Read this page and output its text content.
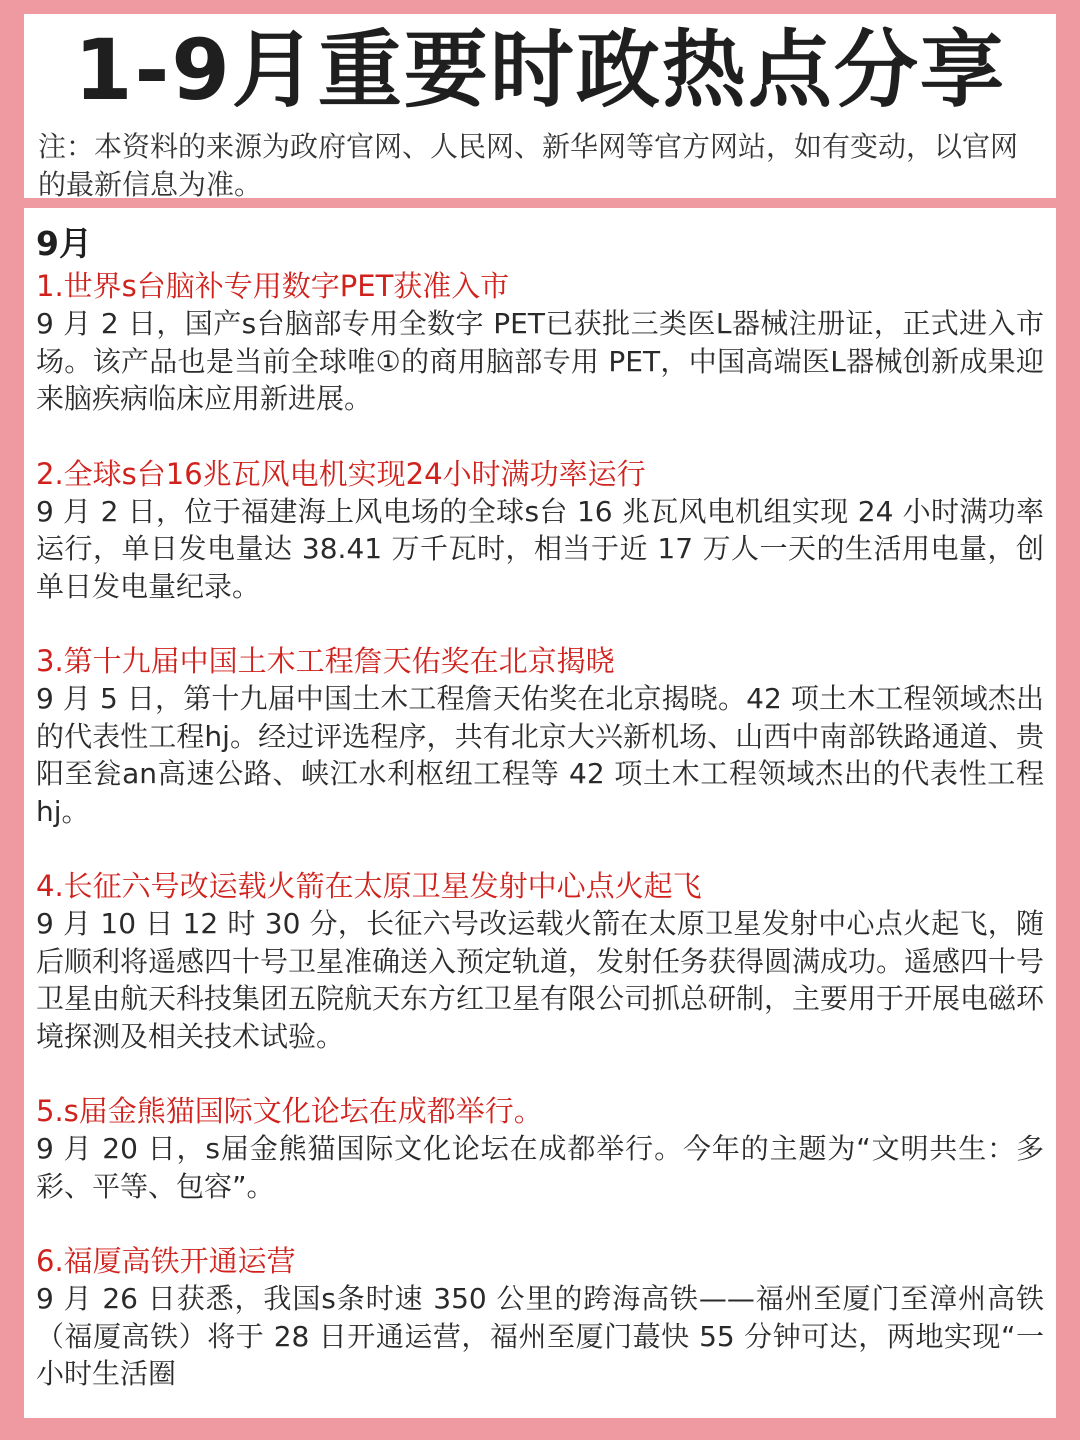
1-9月重要时政热点分享

注：本资料的来源为政府官网、人民网、新华网等官方网站，如有变动，以官网的最新信息为准。

9月
1.世界s台脑补专用数字PET获准入市
9 月 2 日，国产s台脑部专用全数字 PET已获批三类医L器械注册证，正式进入市场。该产品也是当前全球唯①的商用脑部专用 PET，中国高端医L器械创新成果迎来脑疾病临床应用新进展。
2.全球s台16兆瓦风电机实现24小时满功率运行
9 月 2 日，位于福建海上风电场的全球s台 16 兆瓦风电机组实现 24 小时满功率运行，单日发电量达 38.41 万千瓦时，相当于近 17 万人一天的生活用电量，创单日发电量纪录。
3.第十九届中国土木工程詹天佑奖在北京揭晓
9 月 5 日，第十九届中国土木工程詹天佑奖在北京揭晓。42 项土木工程领域杰出的代表性工程hj。经过评选程序，共有北京大兴新机场、山西中南部铁路通道、贵阳至瓮an高速公路、峡江水利枢纽工程等 42 项土木工程领域杰出的代表性工程hj。
4.长征六号改运载火箭在太原卫星发射中心点火起飞
9 月 10 日 12 时 30 分，长征六号改运载火箭在太原卫星发射中心点火起飞，随后顺利将遥感四十号卫星准确送入预定轨道，发射任务获得圆满成功。遥感四十号卫星由航天科技集团五院航天东方红卫星有限公司抓总研制，主要用于开展电磁环境探测及相关技术试验。
5.s届金熊猫国际文化论坛在成都举行。
9 月 20 日，s届金熊猫国际文化论坛在成都举行。今年的主题为“文明共生：多彩、平等、包容”。
6.福厦高铁开通运营
9 月 26 日获悉，我国s条时速 350 公里的跨海高铁——福州至厦门至漳州高铁（福厦高铁）将于 28 日开通运营，福州至厦门蕞快 55 分钟可达，两地实现“一小时生活圈
